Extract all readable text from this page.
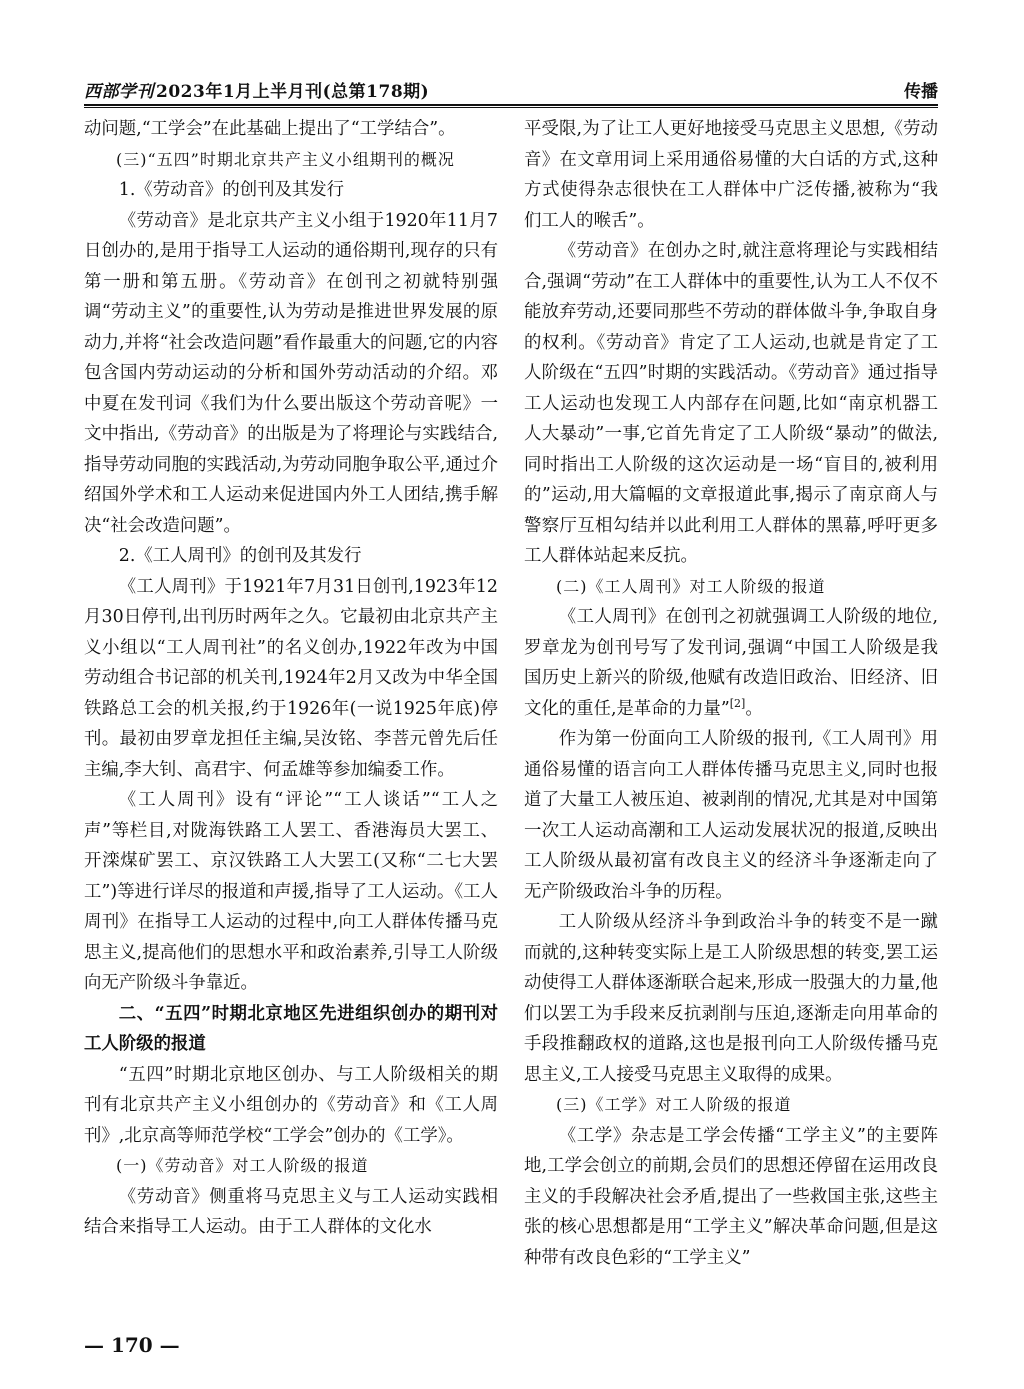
西部学刊 2023年1月上半月刊(总第178期)	传播

动问题,“工学会”在此基础上提出了“工学结合”。

(三)“五四”时期北京共产主义小组期刊的概况

1.《劳动音》的创刊及其发行

《劳动音》是北京共产主义小组于1920年11月7日创办的,是用于指导工人运动的通俗期刊,现存的只有第一册和第五册。《劳动音》在创刊之初就特别强调“劳动主义”的重要性,认为劳动是推进世界发展的原动力,并将“社会改造问题”看作最重大的问题,它的内容包含国内劳动运动的分析和国外劳动活动的介绍。邓中夏在发刊词《我们为什么要出版这个劳动音呢》一文中指出,《劳动音》的出版是为了将理论与实践结合,指导劳动同胞的实践活动,为劳动同胞争取公平,通过介绍国外学术和工人运动来促进国内外工人团结,携手解决“社会改造问题”。

2.《工人周刊》的创刊及其发行

《工人周刊》于1921年7月31日创刊,1923年12月30日停刊,出刊历时两年之久。它最初由北京共产主义小组以“工人周刊社”的名义创办,1922年改为中国劳动组合书记部的机关刊,1924年2月又改为中华全国铁路总工会的机关报,约于1926年(一说1925年底)停刊。最初由罗章龙担任主编,吴汝铭、李菩元曾先后任主编,李大钊、高君宇、何孟雄等参加编委工作。

《工人周刊》设有“评论”“工人谈话”“工人之声”等栏目,对陇海铁路工人罢工、香港海员大罢工、开滦煤矿罢工、京汉铁路工人大罢工(又称“二七大罢工”)等进行详尽的报道和声援,指导了工人运动。《工人周刊》在指导工人运动的过程中,向工人群体传播马克思主义,提高他们的思想水平和政治素养,引导工人阶级向无产阶级斗争靠近。

二、“五四”时期北京地区先进组织创办的期刊对工人阶级的报道

“五四”时期北京地区创办、与工人阶级相关的期刊有北京共产主义小组创办的《劳动音》和《工人周刊》,北京高等师范学校“工学会”创办的《工学》。

(一)《劳动音》对工人阶级的报道

《劳动音》侧重将马克思主义与工人运动实践相结合来指导工人运动。由于工人群体的文化水

平受限,为了让工人更好地接受马克思主义思想,《劳动音》在文章用词上采用通俗易懂的大白话的方式,这种方式使得杂志很快在工人群体中广泛传播,被称为“我们工人的喉舌”。

《劳动音》在创办之时,就注意将理论与实践相结合,强调“劳动”在工人群体中的重要性,认为工人不仅不能放弃劳动,还要同那些不劳动的群体做斗争,争取自身的权利。《劳动音》肯定了工人运动,也就是肯定了工人阶级在“五四”时期的实践活动。《劳动音》通过指导工人运动也发现工人内部存在问题,比如“南京机器工人大暴动”一事,它首先肯定了工人阶级“暴动”的做法,同时指出工人阶级的这次运动是一场“盲目的,被利用的”运动,用大篇幅的文章报道此事,揭示了南京商人与警察厅互相勾结并以此利用工人群体的黑幕,呼吁更多工人群体站起来反抗。

(二)《工人周刊》对工人阶级的报道

《工人周刊》在创刊之初就强调工人阶级的地位,罗章龙为创刊号写了发刊词,强调“中国工人阶级是我国历史上新兴的阶级,他赋有改造旧政治、旧经济、旧文化的重任,是革命的力量”[2]。

作为第一份面向工人阶级的报刊,《工人周刊》用通俗易懂的语言向工人群体传播马克思主义,同时也报道了大量工人被压迫、被剥削的情况,尤其是对中国第一次工人运动高潮和工人运动发展状况的报道,反映出工人阶级从最初富有改良主义的经济斗争逐渐走向了无产阶级政治斗争的历程。

工人阶级从经济斗争到政治斗争的转变不是一蹴而就的,这种转变实际上是工人阶级思想的转变,罢工运动使得工人群体逐渐联合起来,形成一股强大的力量,他们以罢工为手段来反抗剥削与压迫,逐渐走向用革命的手段推翻政权的道路,这也是报刊向工人阶级传播马克思主义,工人接受马克思主义取得的成果。

(三)《工学》对工人阶级的报道

《工学》杂志是工学会传播“工学主义”的主要阵地,工学会创立的前期,会员们的思想还停留在运用改良主义的手段解决社会矛盾,提出了一些救国主张,这些主张的核心思想都是用“工学主义”解决革命问题,但是这种带有改良色彩的“工学主义”

— 170 —
